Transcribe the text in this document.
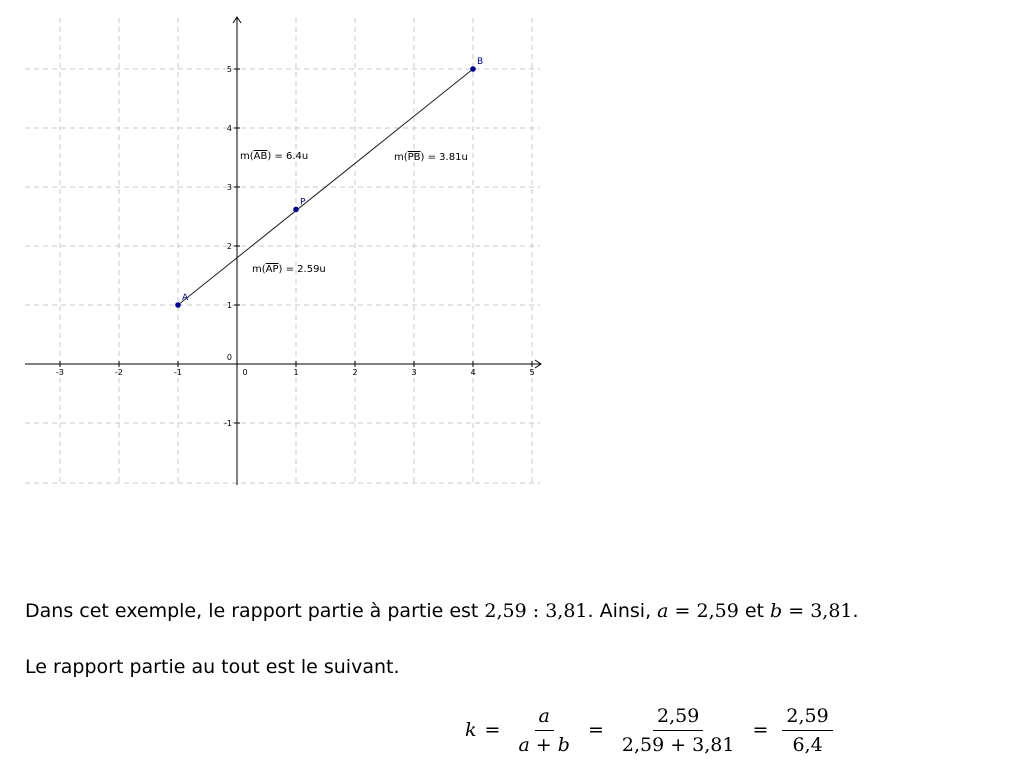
-3	-2	-1	0	1	2	3	4	5
-1
0
1
2
3
4
5
A
P
B
m(AB) = 6.4u	m(PB) = 3.81u
m(AP) = 2.59u

Dans cet exemple, le rapport partie à partie est 2,59 : 3,81. Ainsi, a = 2,59 et b = 3,81.

Le rapport partie au tout est le suivant.

$k = \frac{a}{a + b} = \frac{2,59}{2,59 + 3,81} = \frac{2,59}{6,4}$
